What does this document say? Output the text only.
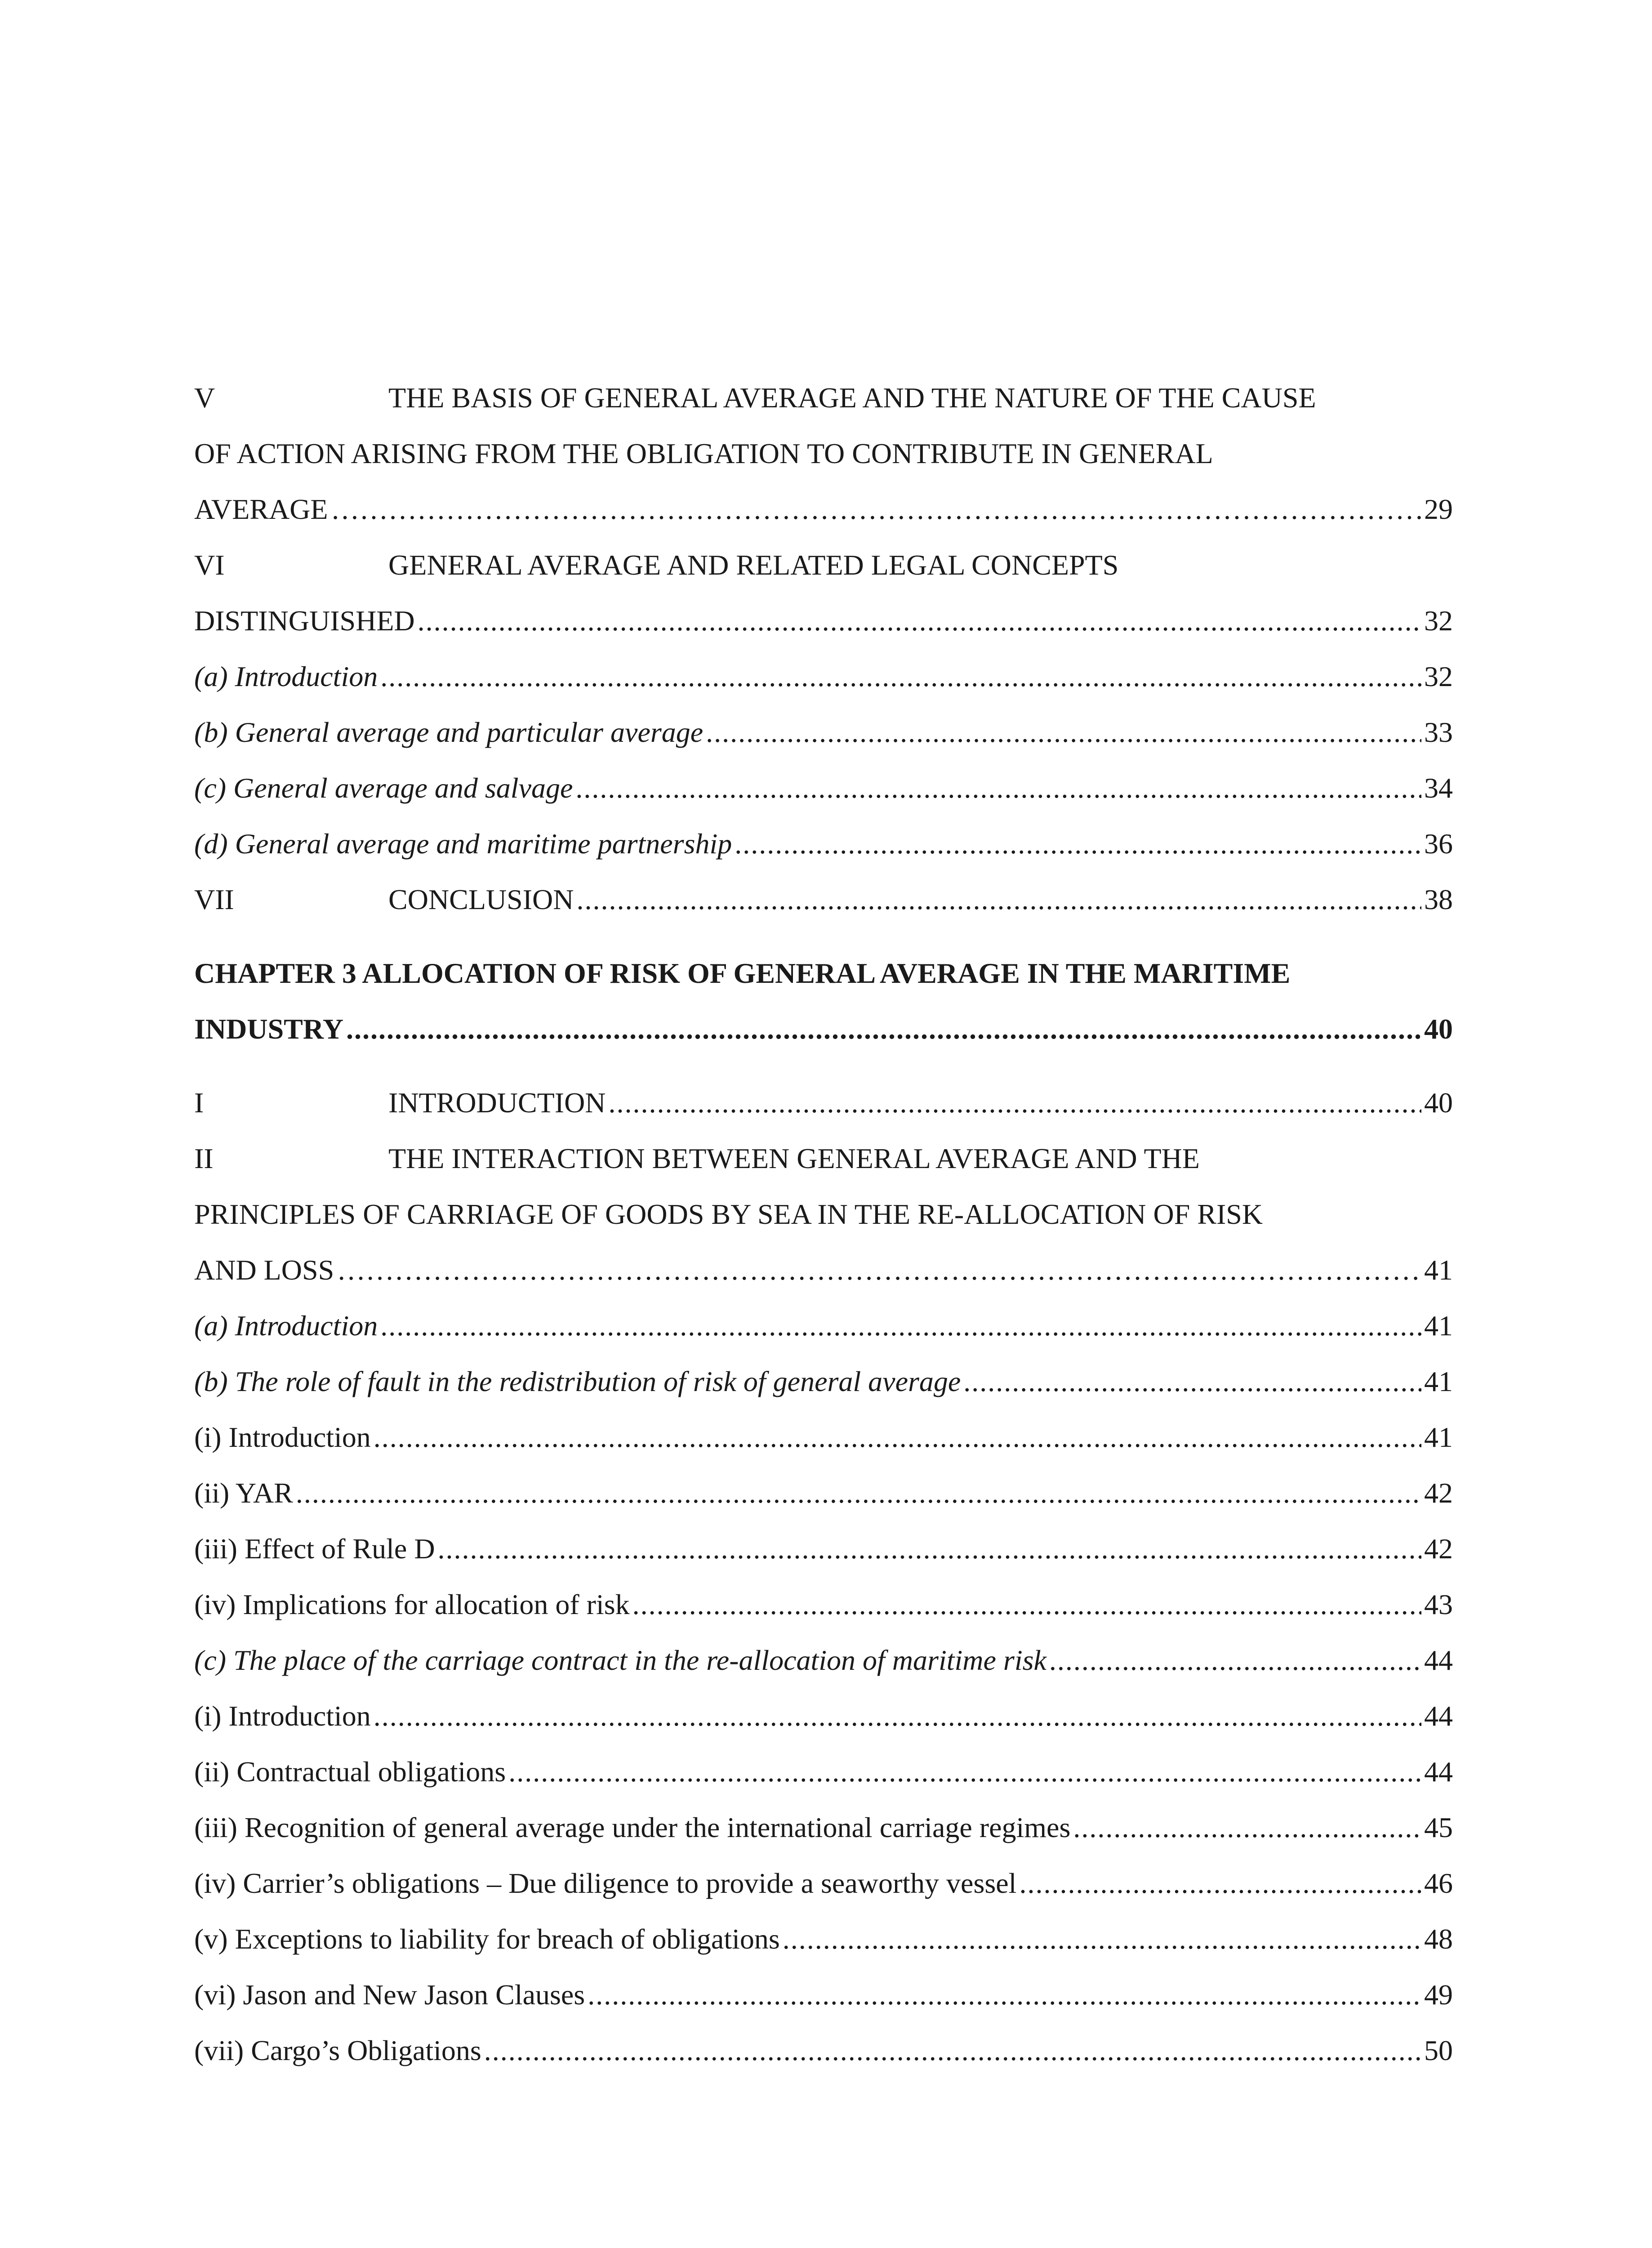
V	THE BASIS OF GENERAL AVERAGE AND THE NATURE OF THE CAUSE
OF ACTION ARISING FROM THE OBLIGATION TO CONTRIBUTE IN GENERAL
AVERAGE …………………………………………………………………………………………………………………………………………………………………………………………………………………………	29
VI	GENERAL AVERAGE AND RELATED LEGAL CONCEPTS
DISTINGUISHED .....	32
(a) Introduction .....	32
(b) General average and particular average .....	33
(c) General average and salvage .....	34
(d) General average and maritime partnership .....	36
VII	CONCLUSION .....	38
CHAPTER 3 ALLOCATION OF RISK OF GENERAL AVERAGE IN THE MARITIME
INDUSTRY .....	40
I	INTRODUCTION .....	40
II	THE INTERACTION BETWEEN GENERAL AVERAGE AND THE
PRINCIPLES OF CARRIAGE OF GOODS BY SEA IN THE RE-ALLOCATION OF RISK
AND LOSS …………………………………………………………………………………………………………………………………………………………………………………………………………………………	41
(a) Introduction .....	41
(b) The role of fault in the redistribution of risk of general average .....	41
(i) Introduction .....	41
(ii) YAR .....	42
(iii) Effect of Rule D .....	42
(iv) Implications for allocation of risk .....	43
(c) The place of the carriage contract in the re-allocation of maritime risk .....	44
(i) Introduction .....	44
(ii) Contractual obligations .....	44
(iii) Recognition of general average under the international carriage regimes .....	45
(iv) Carrier’s obligations – Due diligence to provide a seaworthy vessel .....	46
(v) Exceptions to liability for breach of obligations .....	48
(vi) Jason and New Jason Clauses .....	49
(vii) Cargo’s Obligations .....	50
